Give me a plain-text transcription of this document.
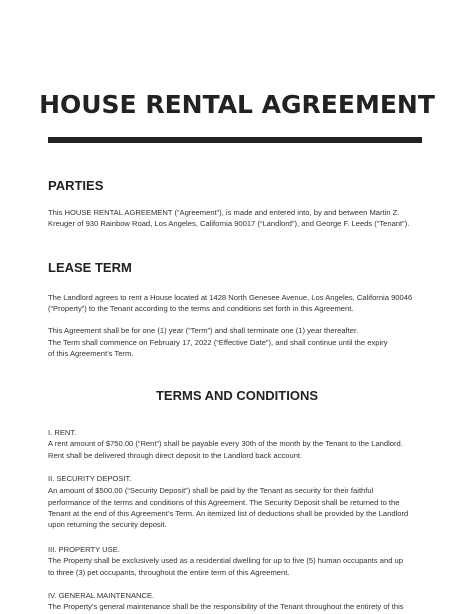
HOUSE RENTAL AGREEMENT
PARTIES

This HOUSE RENTAL AGREEMENT (“Agreement”), is made and entered into, by and between Martin Z.

Kreuger of 930 Rainbow Road, Los Angeles, California 90017 (“Landlord”), and George F. Leeds (“Tenant”).

LEASE TERM

The Landlord agrees to rent a House located at 1428 North Genesee Avenue, Los Angeles, California 90046

(“Property”) to the Tenant according to the terms and conditions set forth in this Agreement.

This Agreement shall be for one (1) year (“Term”) and shall terminate one (1) year thereafter.

The Term shall commence on February 17, 2022 (“Effective Date”), and shall continue until the expiry

of this Agreement’s Term.

TERMS AND CONDITIONS

I. RENT.

A rent amount of $750.00 (“Rent”) shall be payable every 30th of the month by the Tenant to the Landlord.

Rent shall be delivered through direct deposit to the Landlord back account.

II. SECURITY DEPOSIT.

An amount of $500.00 (“Security Deposit”) shall be paid by the Tenant as security for their faithful

performance of the terms and conditions of this Agreement. The Security Deposit shall be returned to the

Tenant at the end of this Agreement’s Term. An itemized list of deductions shall be provided by the Landlord

upon returning the security deposit.

III. PROPERTY USE.

The Property shall be exclusively used as a residential dwelling for up to five (5) human occupants and up

to three (3) pet occupants, throughout the entire term of this Agreement.

IV. GENERAL MAINTENANCE.

The Property’s general maintenance shall be the responsibility of the Tenant throughout the entirety of this
